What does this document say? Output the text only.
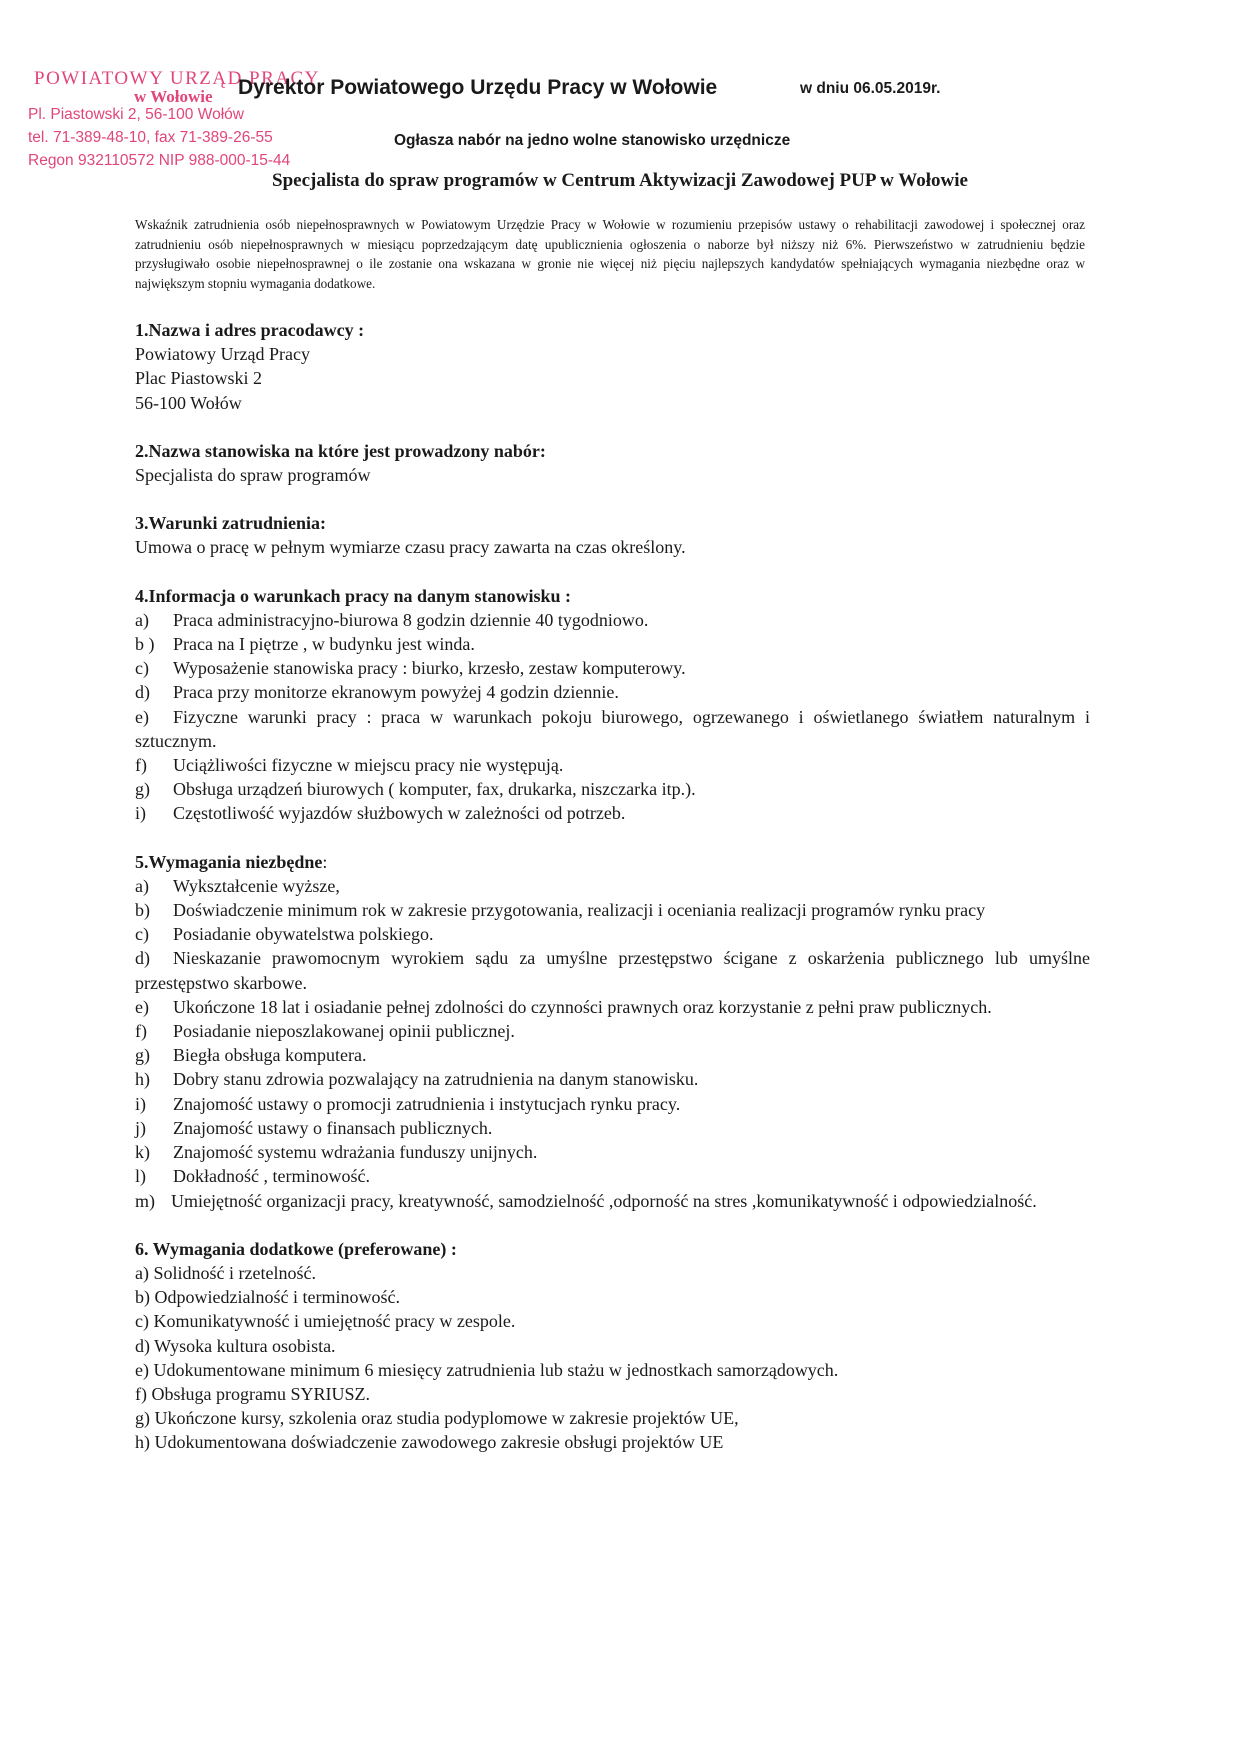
POWIATOWY URZĄD PRACY
w Wołowie
Pl. Piastowski 2, 56-100 Wołów
tel. 71-389-48-10, fax 71-389-26-55
Regon 932110572 NIP 988-000-15-44
Dyrektor Powiatowego Urzędu Pracy w Wołowie	w dniu 06.05.2019r.
Ogłasza nabór na jedno wolne stanowisko urzędnicze
Specjalista do spraw programów w Centrum Aktywizacji Zawodowej PUP w Wołowie
Wskaźnik zatrudnienia osób niepełnosprawnych w Powiatowym Urzędzie Pracy w Wołowie w rozumieniu przepisów ustawy o rehabilitacji zawodowej i społecznej oraz zatrudnieniu osób niepełnosprawnych w miesiącu poprzedzającym datę upublicznienia ogłoszenia o naborze był niższy niż 6%. Pierwszeństwo w zatrudnieniu będzie przysługiwało osobie niepełnosprawnej o ile zostanie ona wskazana w gronie nie więcej niż pięciu najlepszych kandydatów spełniających wymagania niezbędne oraz w największym stopniu wymagania dodatkowe.
1.Nazwa i adres pracodawcy :
Powiatowy Urząd Pracy
Plac Piastowski 2
56-100 Wołów
2.Nazwa stanowiska na które jest prowadzony nabór:
Specjalista do spraw programów
3.Warunki zatrudnienia:
Umowa o pracę w pełnym wymiarze czasu pracy zawarta na czas określony.
4.Informacja o warunkach pracy na danym stanowisku :
a)	Praca administracyjno-biurowa 8 godzin dziennie 40 tygodniowo.
b )	Praca na I piętrze , w budynku jest winda.
c)	Wyposażenie stanowiska pracy : biurko, krzesło, zestaw komputerowy.
d)	Praca przy monitorze ekranowym powyżej 4 godzin dziennie.
e) Fizyczne warunki pracy : praca w warunkach pokoju biurowego, ogrzewanego i oświetlanego światłem naturalnym i sztucznym.
f)	Uciążliwości fizyczne w miejscu pracy nie występują.
g)	Obsługa urządzeń biurowych ( komputer, fax, drukarka, niszczarka itp.).
i)	Częstotliwość wyjazdów służbowych w zależności od potrzeb.
5.Wymagania niezbędne:
a)	Wykształcenie wyższe,
b) Doświadczenie minimum rok w zakresie przygotowania, realizacji i oceniania realizacji programów rynku pracy
c)	Posiadanie obywatelstwa polskiego.
d) Nieskazanie prawomocnym wyrokiem sądu za umyślne przestępstwo ścigane z oskarżenia publicznego lub umyślne przestępstwo skarbowe.
e) Ukończone 18 lat i osiadanie pełnej zdolności do czynności prawnych oraz korzystanie z pełni praw publicznych.
f)	Posiadanie nieposzlakowanej opinii publicznej.
g)	Biegła obsługa komputera.
h)	Dobry stanu zdrowia pozwalający na zatrudnienia na danym stanowisku.
i)	Znajomość ustawy o promocji zatrudnienia i instytucjach rynku pracy.
j)	Znajomość ustawy o finansach publicznych.
k)	Znajomość systemu wdrażania funduszy unijnych.
l)	Dokładność , terminowość.
m) Umiejętność organizacji pracy, kreatywność, samodzielność ,odporność na stres ,komunikatywność i odpowiedzialność.
6. Wymagania dodatkowe (preferowane) :
a) Solidność i rzetelność.
b) Odpowiedzialność i terminowość.
c) Komunikatywność i umiejętność pracy w zespole.
d) Wysoka kultura osobista.
e) Udokumentowane minimum 6 miesięcy zatrudnienia lub stażu w jednostkach samorządowych.
f) Obsługa programu SYRIUSZ.
g) Ukończone kursy, szkolenia oraz studia podyplomowe w zakresie projektów UE,
h) Udokumentowana doświadczenie zawodowego zakresie obsługi projektów UE
